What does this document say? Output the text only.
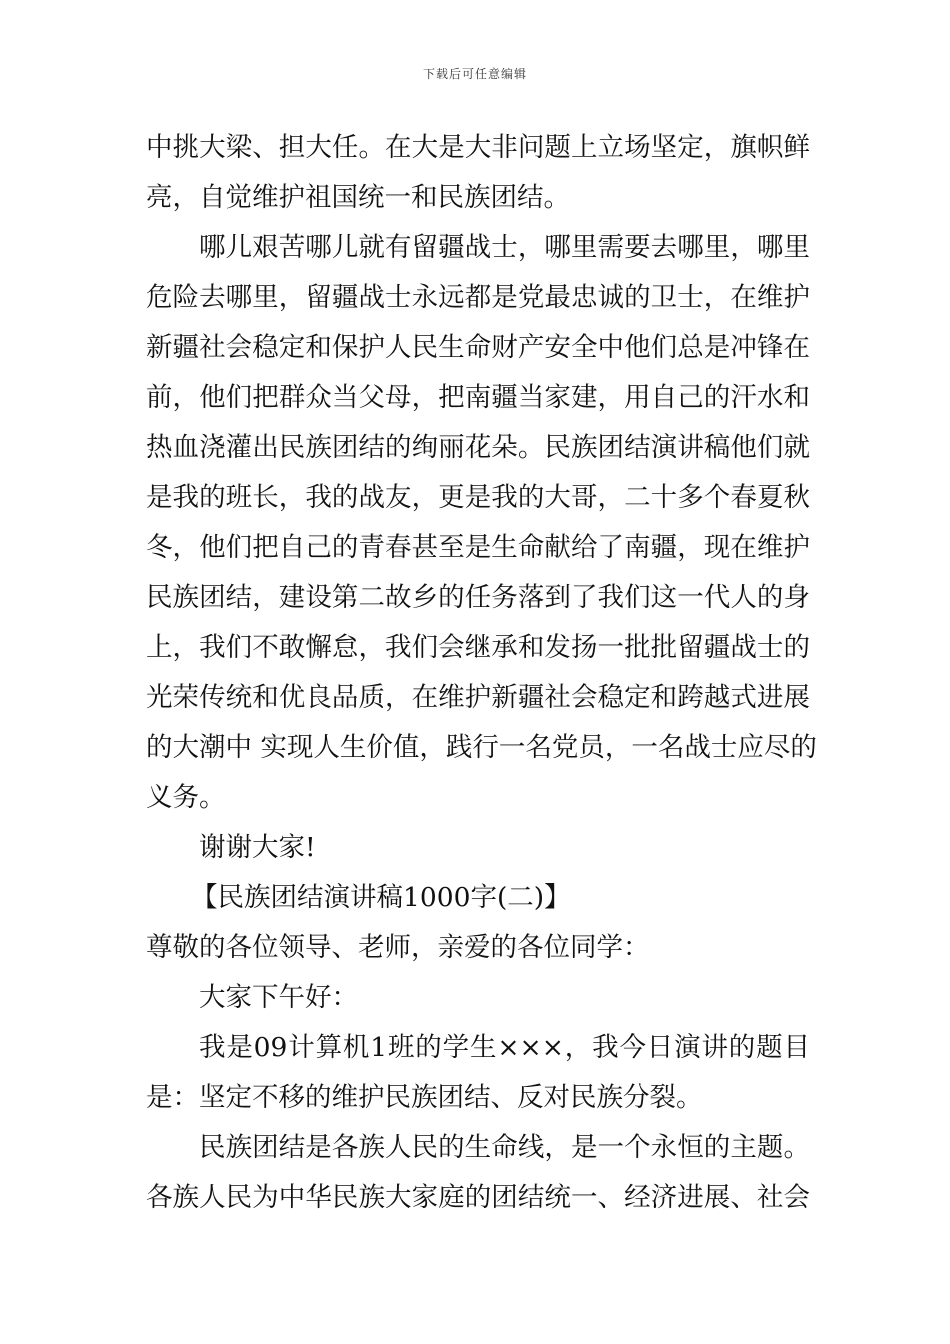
下载后可任意编辑
中挑大梁、担大任。在大是大非问题上立场坚定，旗帜鲜
亮，自觉维护祖国统一和民族团结。
哪儿艰苦哪儿就有留疆战士，哪里需要去哪里，哪里
危险去哪里，留疆战士永远都是党最忠诚的卫士，在维护
新疆社会稳定和保护人民生命财产安全中他们总是冲锋在
前，他们把群众当父母，把南疆当家建，用自己的汗水和
热血浇灌出民族团结的绚丽花朵。民族团结演讲稿他们就
是我的班长，我的战友，更是我的大哥，二十多个春夏秋
冬，他们把自己的青春甚至是生命献给了南疆，现在维护
民族团结，建设第二故乡的任务落到了我们这一代人的身
上，我们不敢懈怠，我们会继承和发扬一批批留疆战士的
光荣传统和优良品质，在维护新疆社会稳定和跨越式进展
的大潮中 实现人生价值，践行一名党员，一名战士应尽的
义务。
谢谢大家!
【民族团结演讲稿1000字(二)】
尊敬的各位领导、老师，亲爱的各位同学：
大家下午好：
我是09计算机1班的学生×××，我今日演讲的题目
是：坚定不移的维护民族团结、反对民族分裂。
民族团结是各族人民的生命线，是一个永恒的主题。
各族人民为中华民族大家庭的团结统一、经济进展、社会
